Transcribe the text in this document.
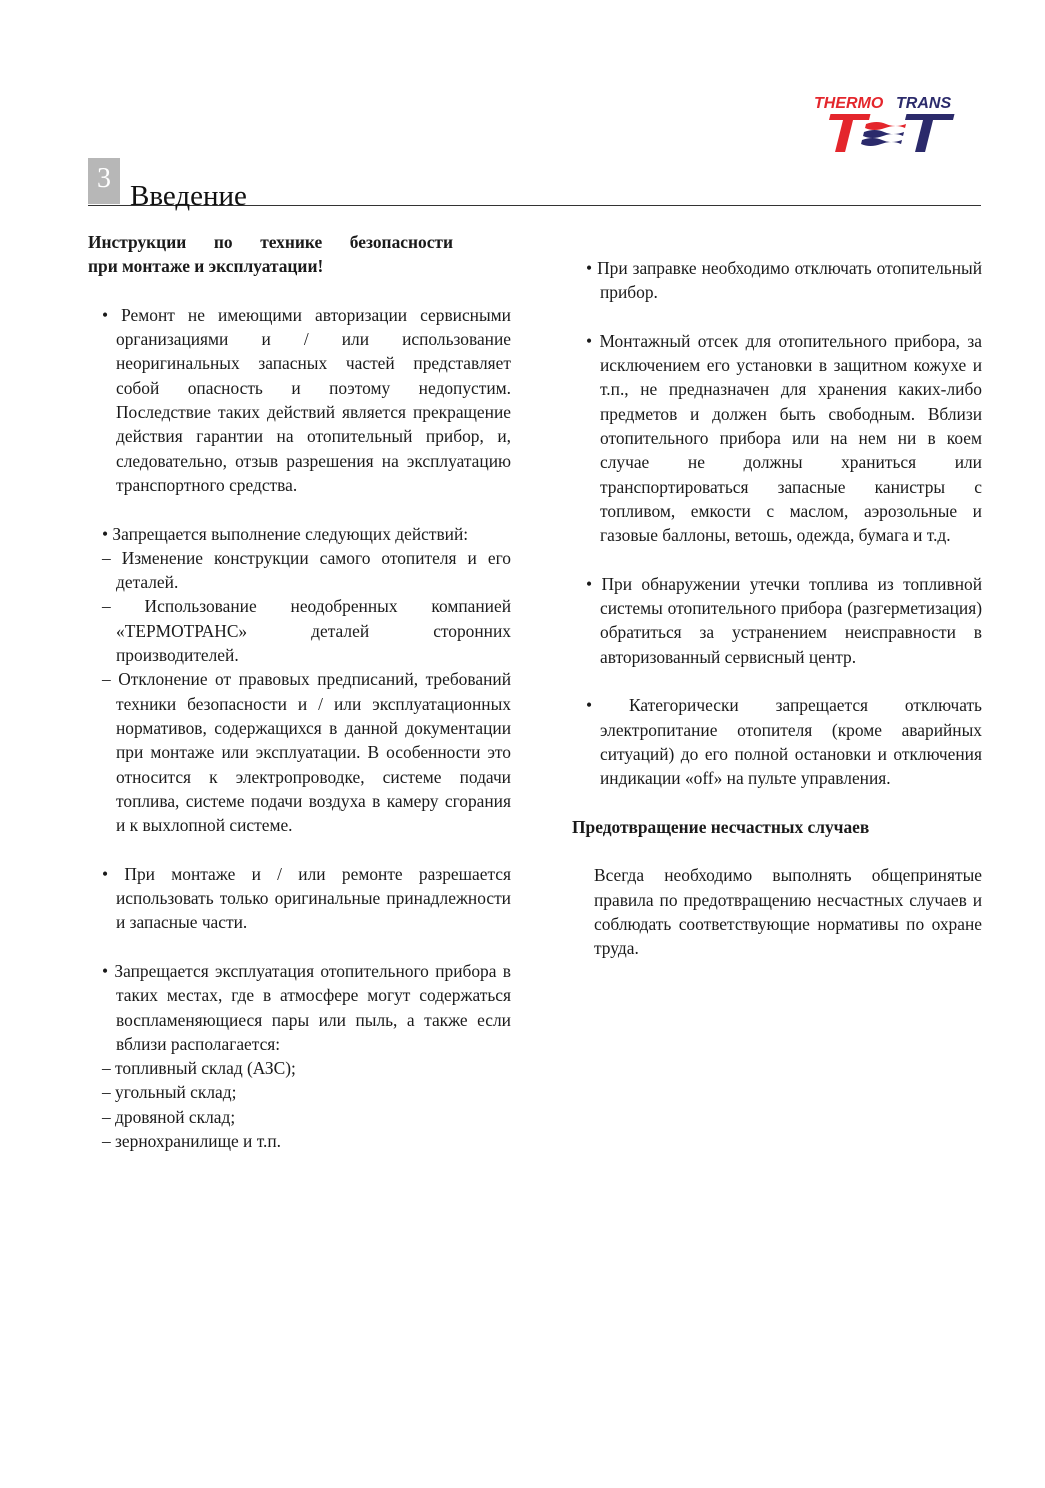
THERMO TRANS
3
Введение
Инструкции по технике безопасности
при монтаже и эксплуатации!

• Ремонт не имеющими авторизации сервисными организациями и / или использование неоригинальных запасных частей представляет собой опасность и поэтому недопустим. Последствие таких действий является прекращение действия гарантии на отопительный прибор, и, следовательно, отзыв разрешения на эксплуатацию транспортного средства.

• Запрещается выполнение следующих действий:

– Изменение конструкции самого отопителя и его деталей.

– Использование неодобренных компанией «ТЕРМОТРАНС» деталей сторонних производителей.

– Отклонение от правовых предписаний, требований техники безопасности и / или эксплуатационных нормативов, содержащихся в данной документации при монтаже или эксплуатации. В особенности это относится к электропроводке, системе подачи топлива, системе подачи воздуха в камеру сгорания и к выхлопной системе.

• При монтаже и / или ремонте разрешается использовать только оригинальные принадлежности и запасные части.

• Запрещается эксплуатация отопительного прибора в таких местах, где в атмосфере могут содержаться воспламеняющиеся пары или пыль, а также если вблизи располагается:

– топливный склад (АЗС);

– угольный склад;

– дровяной склад;

– зернохранилище и т.п.

• При заправке необходимо отключать отопительный прибор.

• Монтажный отсек для отопительного прибора, за исключением его установки в защитном кожухе и т.п., не предназначен для хранения каких-либо предметов и должен быть свободным. Вблизи отопительного прибора или на нем ни в коем случае не должны храниться или транспортироваться запасные канистры с топливом, емкости с маслом, аэрозольные и газовые баллоны, ветошь, одежда, бумага и т.д.

• При обнаружении утечки топлива из топливной системы отопительного прибора (разгерметизация) обратиться за устранением неисправности в авторизованный сервисный центр.

• Категорически запрещается отключать электропитание отопителя (кроме аварийных ситуаций) до его полной остановки и отключения индикации «off» на пульте управления.

Предотвращение несчастных случаев

Всегда необходимо выполнять общепринятые правила по предотвращению несчастных случаев и соблюдать соответствующие нормативы по охране труда.
